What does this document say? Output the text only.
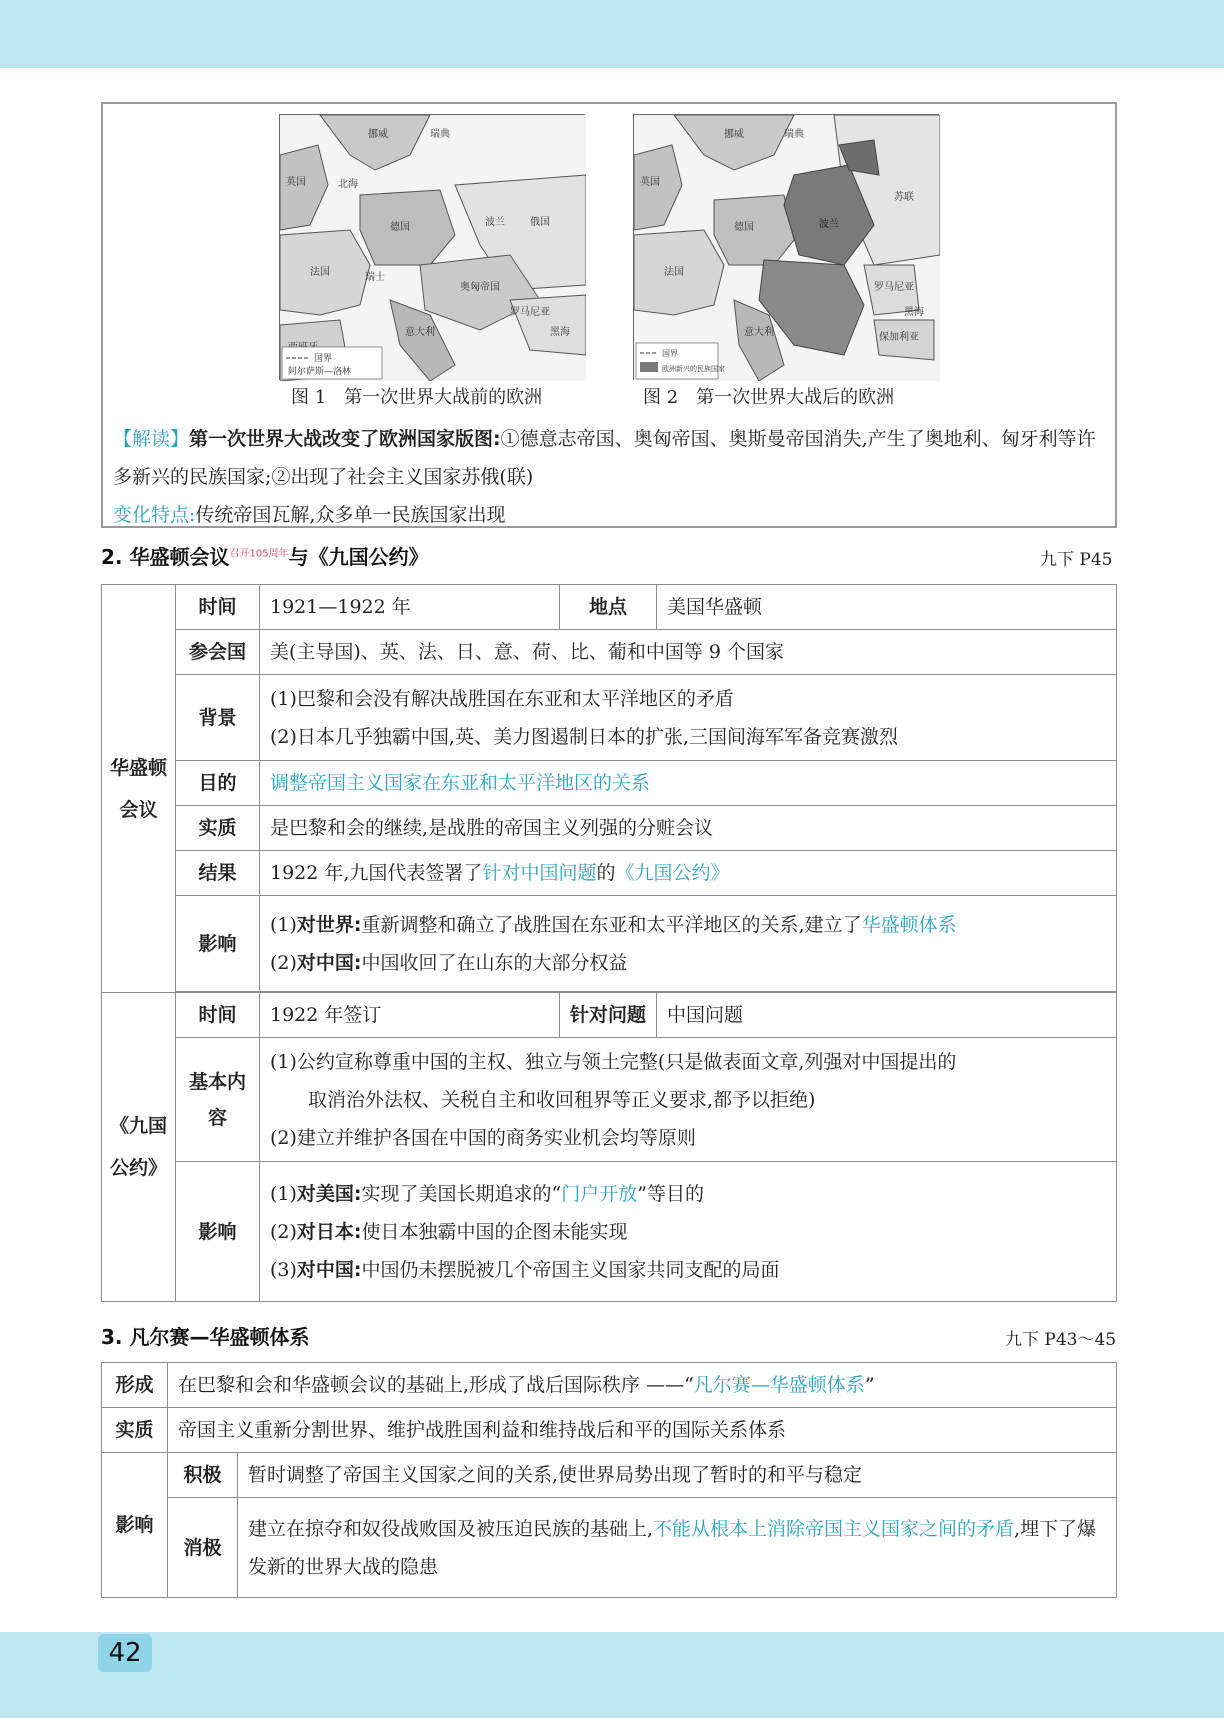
挪威	瑞典
北海
英国
德国
法国
俄国
波兰
瑞士
奥匈帝国
意大利
罗马尼亚
黑海
国界
阿尔萨斯—洛林
苏联
挪威	瑞典
英国
法国
波兰
德国
罗马尼亚
意大利	保加利亚
黑海
国界
欧洲新兴的民族国家
图 1　第一次世界大战前的欧洲	图 2　第一次世界大战后的欧洲
【解读】第一次世界大战改变了欧洲国家版图:①德意志帝国、奥匈帝国、奥斯曼帝国消失,产生了奥地利、匈牙利等许多新兴的民族国家;②出现了社会主义国家苏俄(联)
变化特点:传统帝国瓦解,众多单一民族国家出现
2. 华盛顿会议$^{召开105周年}$与《九国公约》	九下 P45
华盛顿会议	时间	1921—1922 年	地点	美国华盛顿
	参会国	美(主导国)、英、法、日、意、荷、比、葡和中国等 9 个国家		
	背景	(1)巴黎和会没有解决战胜国在东亚和太平洋地区的矛盾
(2)日本几乎独霸中国,英、美力图遏制日本的扩张,三国间海军军备竞赛激烈		

	目的	调整帝国主义国家在东亚和太平洋地区的关系		
	实质	是巴黎和会的继续,是战胜的帝国主义列强的分赃会议		
	结果	1922 年,九国代表签署了针对中国问题的《九国公约》		
	影响	(1)对世界:重新调整和确立了战胜国在东亚和太平洋地区的关系,建立了华盛顿体系
(2)对中国:中国收回了在山东的大部分权益		

《九国公约》	时间	1922 年签订	针对问题	中国问题
	基本内容	(1)公约宣称尊重中国的主权、独立与领土完整(只是做表面文章,列强对中国提出的
取消治外法权、关税自主和收回租界等正义要求,都予以拒绝)
(2)建立并维护各国在中国的商务实业机会均等原则		

	影响	(1)对美国:实现了美国长期追求的“门户开放”等目的
(2)对日本:使日本独霸中国的企图未能实现
(3)对中国:中国仍未摆脱被几个帝国主义国家共同支配的局面		
3. 凡尔赛—华盛顿体系	九下 P43～45
形成	在巴黎和会和华盛顿会议的基础上,形成了战后国际秩序 ——“凡尔赛—华盛顿体系”	
实质	帝国主义重新分割世界、维护战胜国利益和维持战后和平的国际关系体系	
影响	积极	暂时调整了帝国主义国家之间的关系,使世界局势出现了暂时的和平与稳定
	消极	建立在掠夺和奴役战败国及被压迫民族的基础上,不能从根本上消除帝国主义国家之间的矛盾,埋下了爆发新的世界大战的隐患
42
